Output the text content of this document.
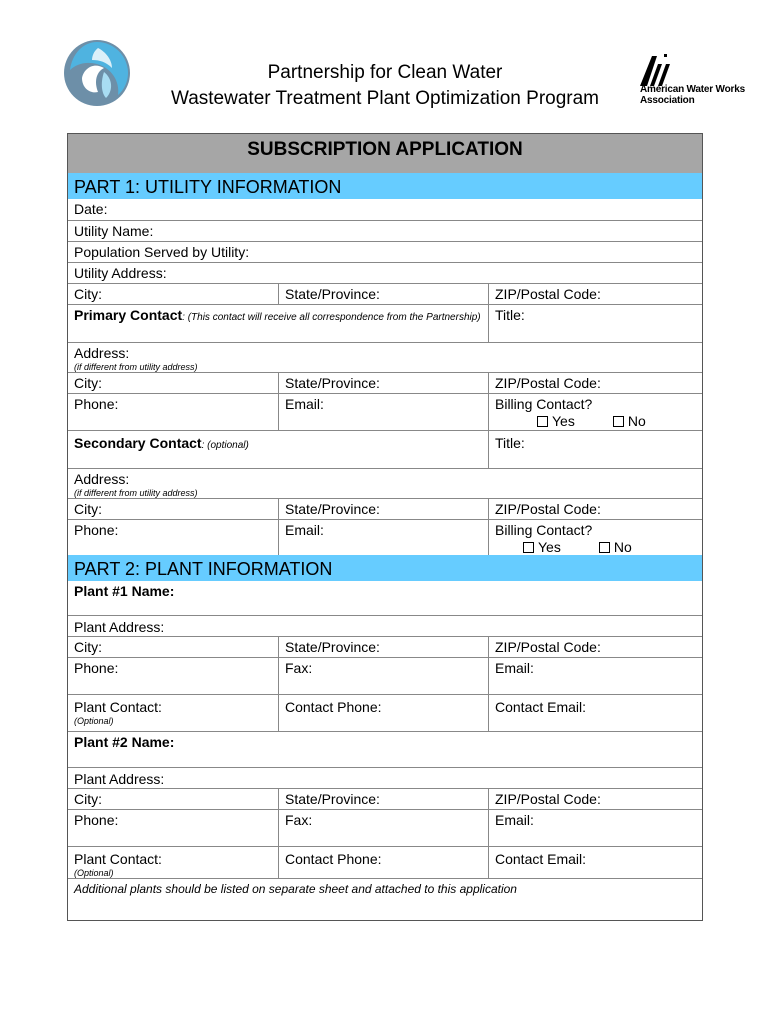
American Water Works Association
Partnership for Clean Water
Wastewater Treatment Plant Optimization Program
SUBSCRIPTION APPLICATION
PART 1: UTILITY INFORMATION
Date:
Utility Name:
Population Served by Utility:
Utility Address:
City:	State/Province:	ZIP/Postal Code:
Primary Contact: (This contact will receive all correspondence from the Partnership)	Title:
Address:
(if different from utility address)
City:	State/Province:	ZIP/Postal Code:
Phone:	Email:	Billing Contact?
Yes	No
Secondary Contact: (optional)	Title:
Address:
(if different from utility address)
City:	State/Province:	ZIP/Postal Code:
Phone:	Email:	Billing Contact?
Yes	No
PART 2: PLANT INFORMATION
Plant #1 Name:
Plant Address:
City:	State/Province:	ZIP/Postal Code:
Phone:	Fax:	Email:
Plant Contact:
(Optional)
Contact Phone:	Contact Email:
Plant #2 Name:
Plant Address:
City:	State/Province:	ZIP/Postal Code:
Phone:	Fax:	Email:
Plant Contact:
(Optional)
Contact Phone:	Contact Email:
Additional plants should be listed on separate sheet and attached to this application
